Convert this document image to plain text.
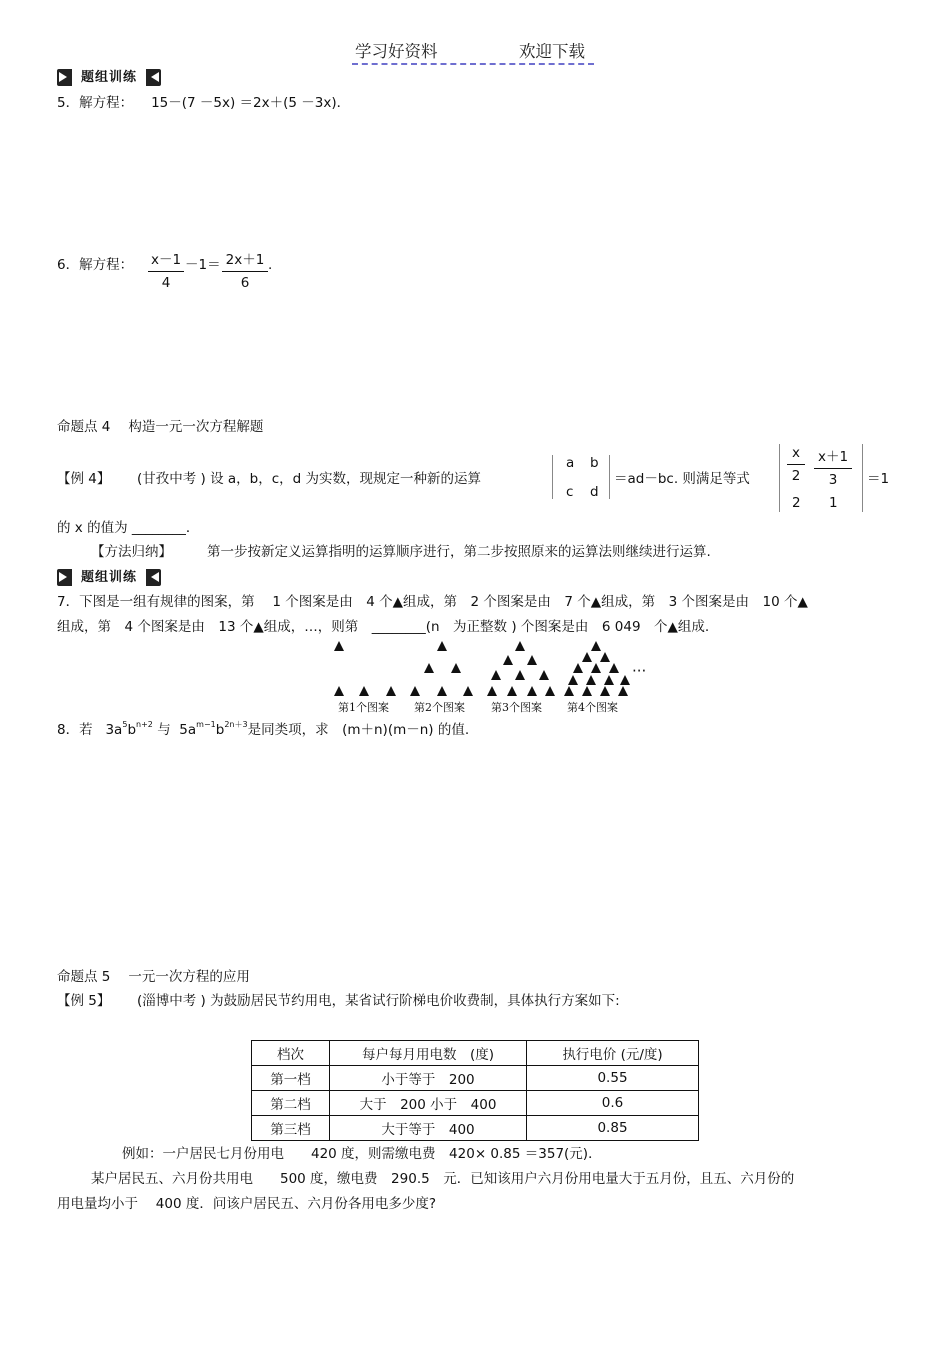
学习好资料	欢迎下载
题组训练
5．解方程： 15－(7 －5x) ＝2x＋(5 －3x)．
6．解方程： x－1
4
－1＝ 2x＋1
6
.
命题点 4 构造一元一次方程解题
【例 4】 (甘孜中考 ) 设 a，b，c，d 为实数，现规定一种新的运算
a b
c d
＝ad－bc. 则满足等式
x
2
x＋1
3
2 1
＝1
的 x 的值为 ________．
【方法归纳】	第一步按新定义运算指明的运算顺序进行，第二步按照原来的运算法则继续进行运算.
题组训练
7．下图是一组有规律的图案，第　 1 个图案是由　4 个▲组成，第　2 个图案是由　7 个▲组成，第　3 个图案是由　10 个▲
组成，第　4 个图案是由　13 个▲组成，…，则第　________(n　为正整数 ) 个图案是由　6 049　个▲组成.
···
第1个图案 第2个图案 第3个图案 第4个图案
8．若 $3a^5b^{n+2}$ 与 $5a^{m-1}b^{2n+3}$是同类项，求　(m＋n)(m－n) 的值.
命题点 5 一元一次方程的应用
【例 5】 (淄博中考 ) 为鼓励居民节约用电，某省试行阶梯电价收费制，具体执行方案如下:
档次	每户每月用电数　(度)	执行电价 (元/度)
第一档	小于等于　200	0.55
第二档	大于　200 小于　400	0.6
第三档	大于等于　400	0.85
例如：一户居民七月份用电　　420 度，则需缴电费　420× 0.85 ＝357(元)．
某户居民五、六月份共用电　　500 度，缴电费　290.5　元．已知该用户六月份用电量大于五月份，且五、六月份的
用电量均小于　 400 度．问该户居民五、六月份各用电多少度?
